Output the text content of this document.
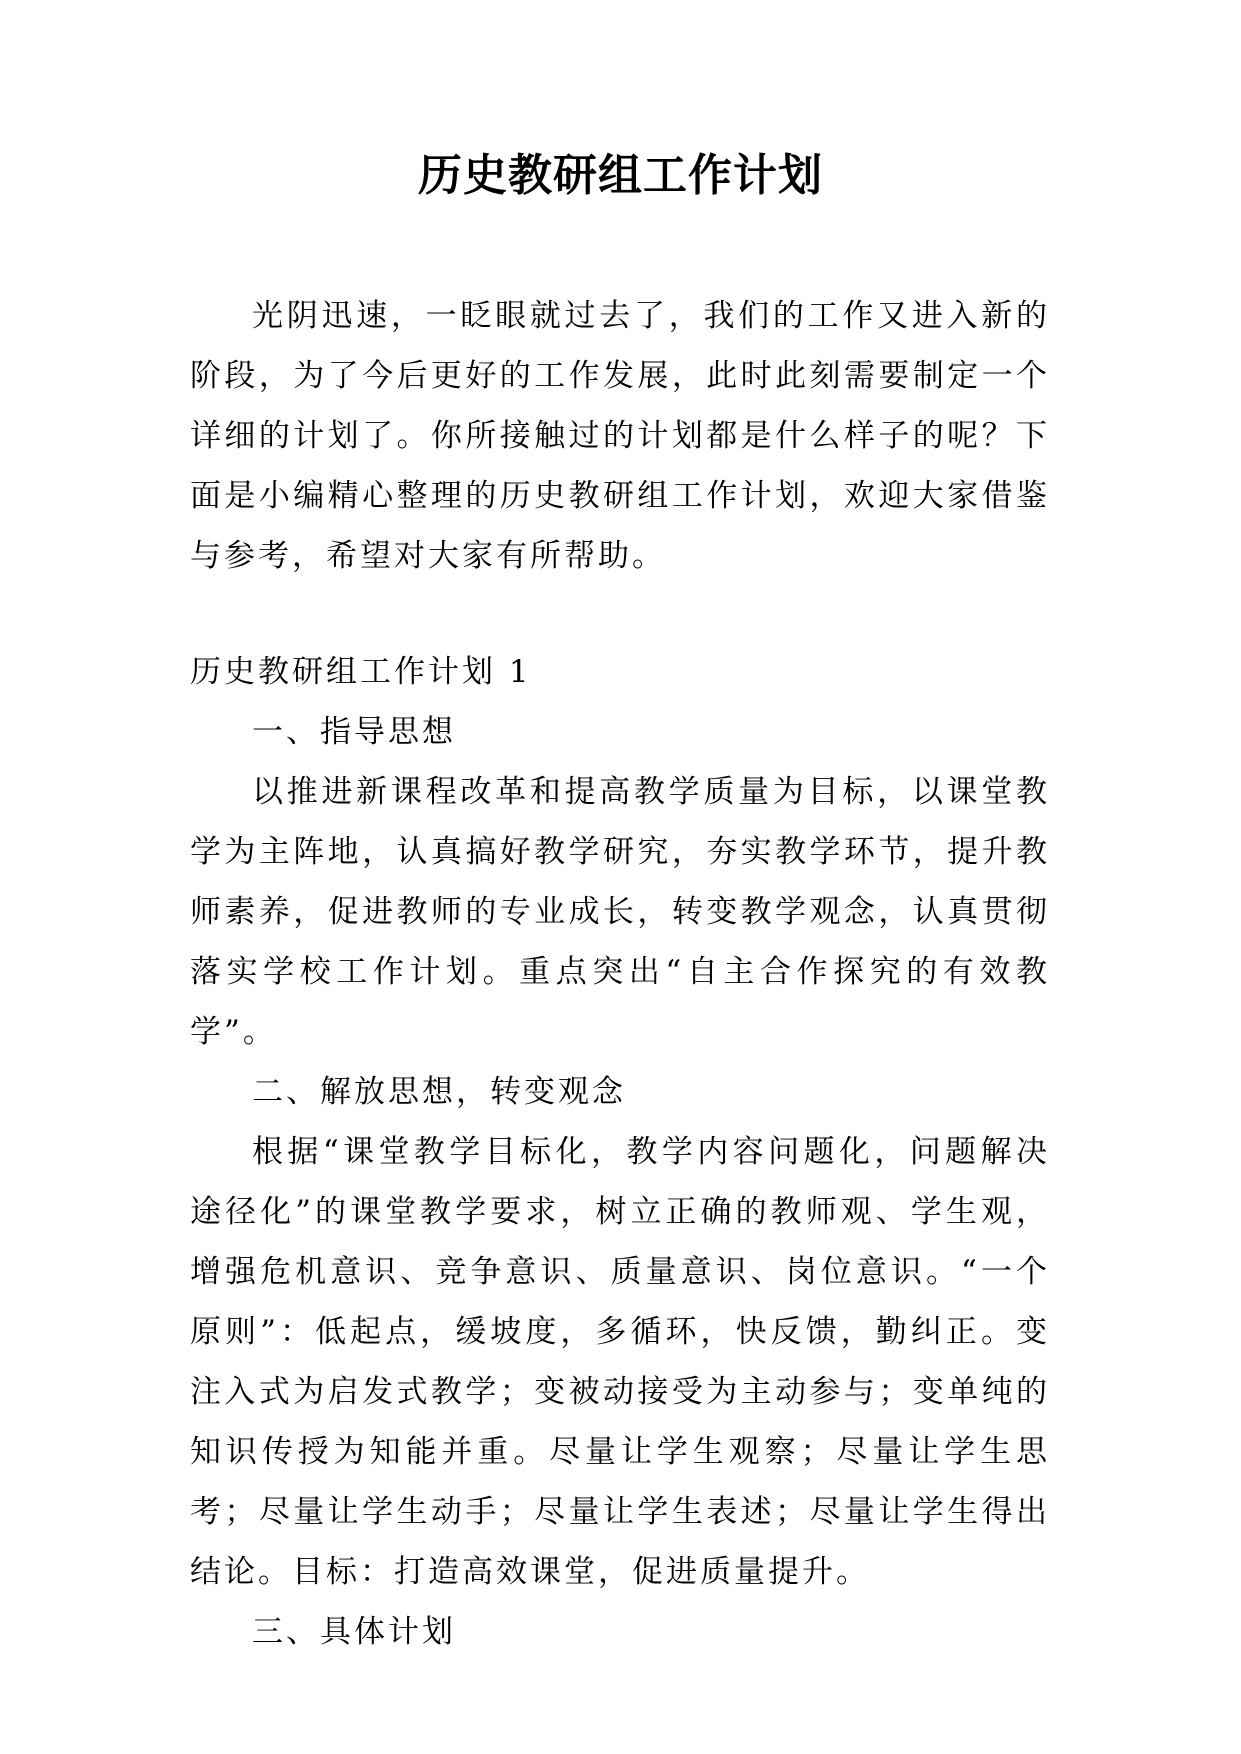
历史教研组工作计划

光阴迅速，一眨眼就过去了，我们的工作又进入新的阶段，为了今后更好的工作发展，此时此刻需要制定一个详细的计划了。你所接触过的计划都是什么样子的呢？下面是小编精心整理的历史教研组工作计划，欢迎大家借鉴与参考，希望对大家有所帮助。

历史教研组工作计划 1

一、指导思想

以推进新课程改革和提高教学质量为目标，以课堂教学为主阵地，认真搞好教学研究，夯实教学环节，提升教师素养，促进教师的专业成长，转变教学观念，认真贯彻落实学校工作计划。重点突出“自主合作探究的有效教学”。

二、解放思想，转变观念

根据“课堂教学目标化，教学内容问题化，问题解决途径化”的课堂教学要求，树立正确的教师观、学生观，增强危机意识、竞争意识、质量意识、岗位意识。“一个原则”：低起点，缓坡度，多循环，快反馈，勤纠正。变注入式为启发式教学；变被动接受为主动参与；变单纯的知识传授为知能并重。尽量让学生观察；尽量让学生思考；尽量让学生动手；尽量让学生表述；尽量让学生得出结论。目标：打造高效课堂，促进质量提升。

三、具体计划
